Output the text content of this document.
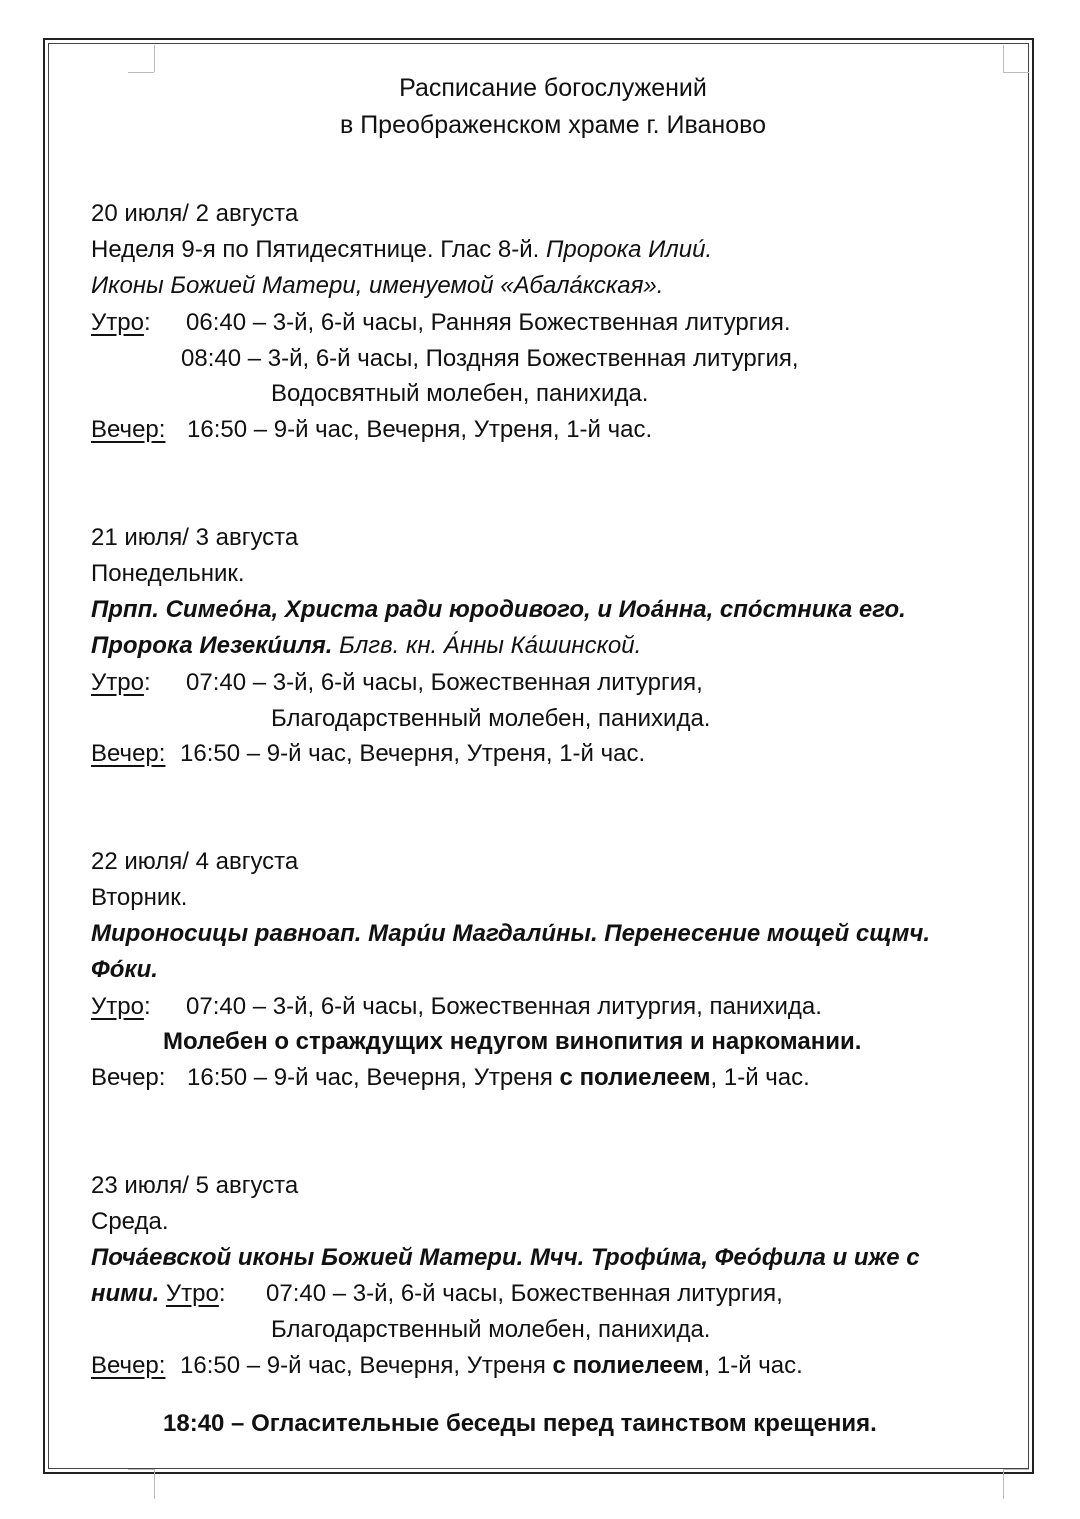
Расписание богослужений
в Преображенском храме г. Иваново
20 июля/ 2 августа
Неделя 9-я по Пятидесятнице. Глас 8-й. Пророка Илии́.
Иконы Божией Матери, именуемой «Абала́кская».
Утро: 06:40 – 3-й, 6-й часы, Ранняя Божественная литургия.
08:40 – 3-й, 6-й часы, Поздняя Божественная литургия,
Водосвятный молебен, панихида.
Вечер: 16:50 – 9-й час, Вечерня, Утреня, 1-й час.
21 июля/ 3 августа
Понедельник.
Прпп. Симео́на, Христа ради юродивого, и Иоа́нна, спо́стника его.
Пророка Иезеки́иля. Блгв. кн. А́нны Ка́шинской.
Утро: 07:40 – 3-й, 6-й часы, Божественная литургия,
Благодарственный молебен, панихида.
Вечер: 16:50 – 9-й час, Вечерня, Утреня, 1-й час.
22 июля/ 4 августа
Вторник.
Мироносицы равноап. Мари́и Магдали́ны. Перенесение мощей сщмч.
Фо́ки.
Утро: 07:40 – 3-й, 6-й часы, Божественная литургия, панихида.
Молебен о страждущих недугом винопития и наркомании.
Вечер: 16:50 – 9-й час, Вечерня, Утреня с полиелеем, 1-й час.
23 июля/ 5 августа
Среда.
Поча́евской иконы Божией Матери. Мчч. Трофи́ма, Фео́фила и иже с
ними. Утро: 07:40 – 3-й, 6-й часы, Божественная литургия,
Благодарственный молебен, панихида.
Вечер: 16:50 – 9-й час, Вечерня, Утреня с полиелеем, 1-й час.
18:40 – Огласительные беседы перед таинством крещения.
